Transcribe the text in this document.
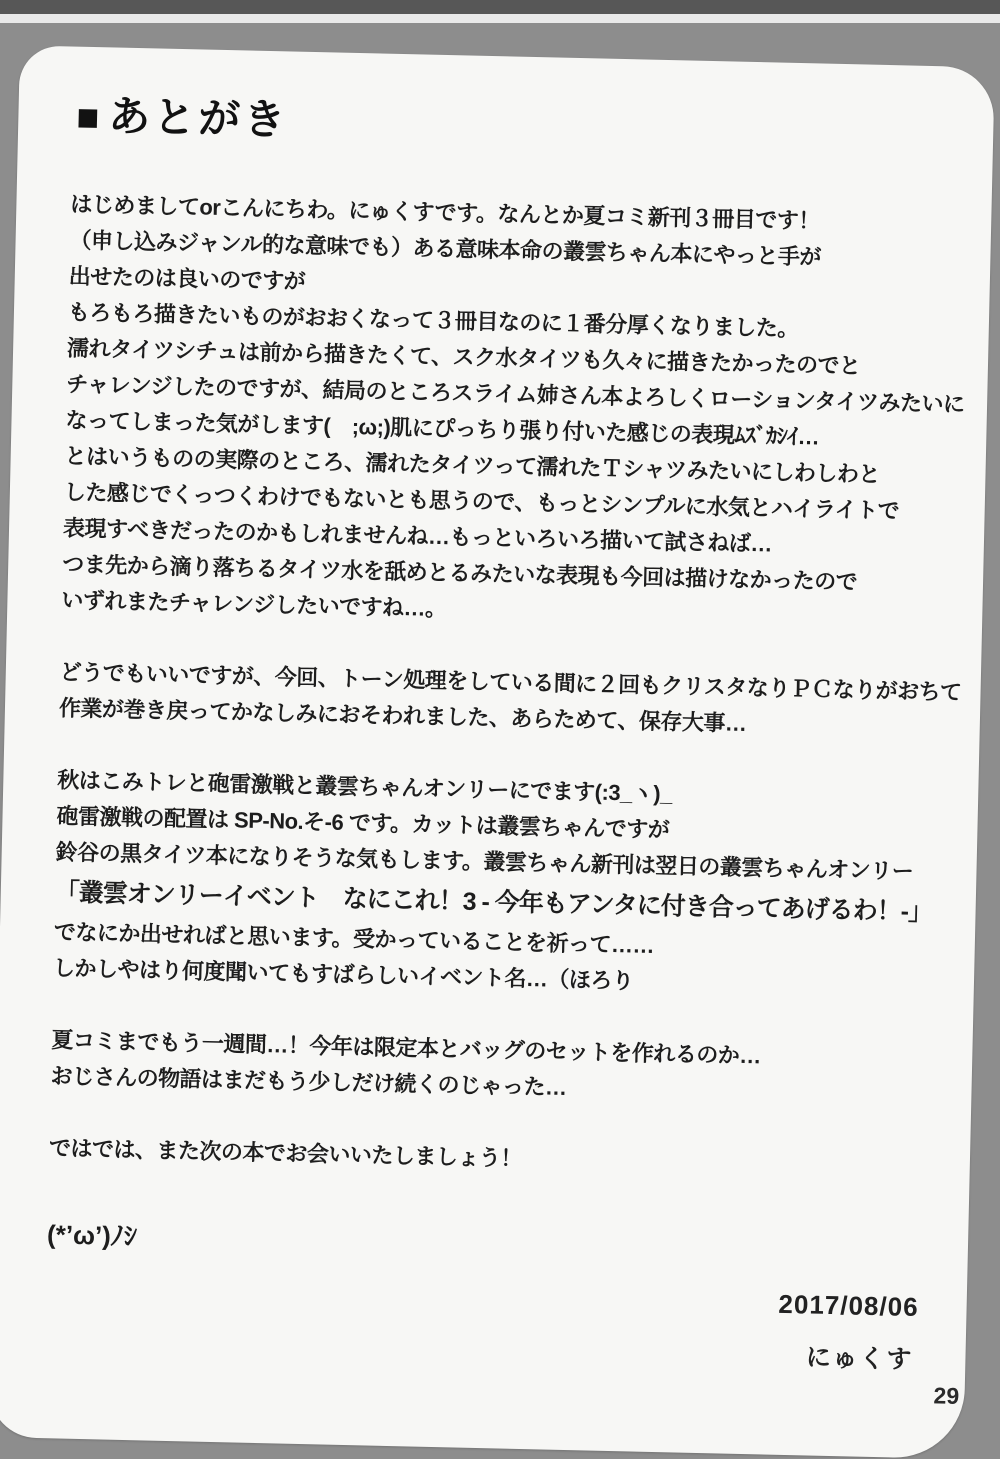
■ あとがき
はじめましてorこんにちわ。にゅくすです。なんとか夏コミ新刊３冊目です！
（申し込みジャンル的な意味でも）ある意味本命の叢雲ちゃん本にやっと手が
出せたのは良いのですが
もろもろ描きたいものがおおくなって３冊目なのに１番分厚くなりました。
濡れタイツシチュは前から描きたくて、スク水タイツも久々に描きたかったのでと
チャレンジしたのですが、結局のところスライム姉さん本よろしくローションタイツみたいに
なってしまった気がします(　;ω;)肌にぴっちり張り付いた感じの表現ﾑｽﾞｶｼｲ…
とはいうものの実際のところ、濡れたタイツって濡れたＴシャツみたいにしわしわと
した感じでくっつくわけでもないとも思うので、もっとシンプルに水気とハイライトで
表現すべきだったのかもしれませんね…もっといろいろ描いて試さねば…
つま先から滴り落ちるタイツ水を舐めとるみたいな表現も今回は描けなかったので
いずれまたチャレンジしたいですね…。
どうでもいいですが、今回、トーン処理をしている間に２回もクリスタなりＰＣなりがおちて
作業が巻き戻ってかなしみにおそわれました、あらためて、保存大事…
秋はこみトレと砲雷激戦と叢雲ちゃんオンリーにでます(:3_ヽ)_
砲雷激戦の配置は SP-No.そ-6 です。カットは叢雲ちゃんですが
鈴谷の黒タイツ本になりそうな気もします。叢雲ちゃん新刊は翌日の叢雲ちゃんオンリー
「叢雲オンリーイベント　なにこれ！3 - 今年もアンタに付き合ってあげるわ！-」
でなにか出せればと思います。受かっていることを祈って……
しかしやはり何度聞いてもすばらしいイベント名…（ほろり
夏コミまでもう一週間…！今年は限定本とバッグのセットを作れるのか…
おじさんの物語はまだもう少しだけ続くのじゃった…
ではでは、また次の本でお会いいたしましょう！
(*’ω’)ﾉｼ
2017/08/06
にゅくす
29
